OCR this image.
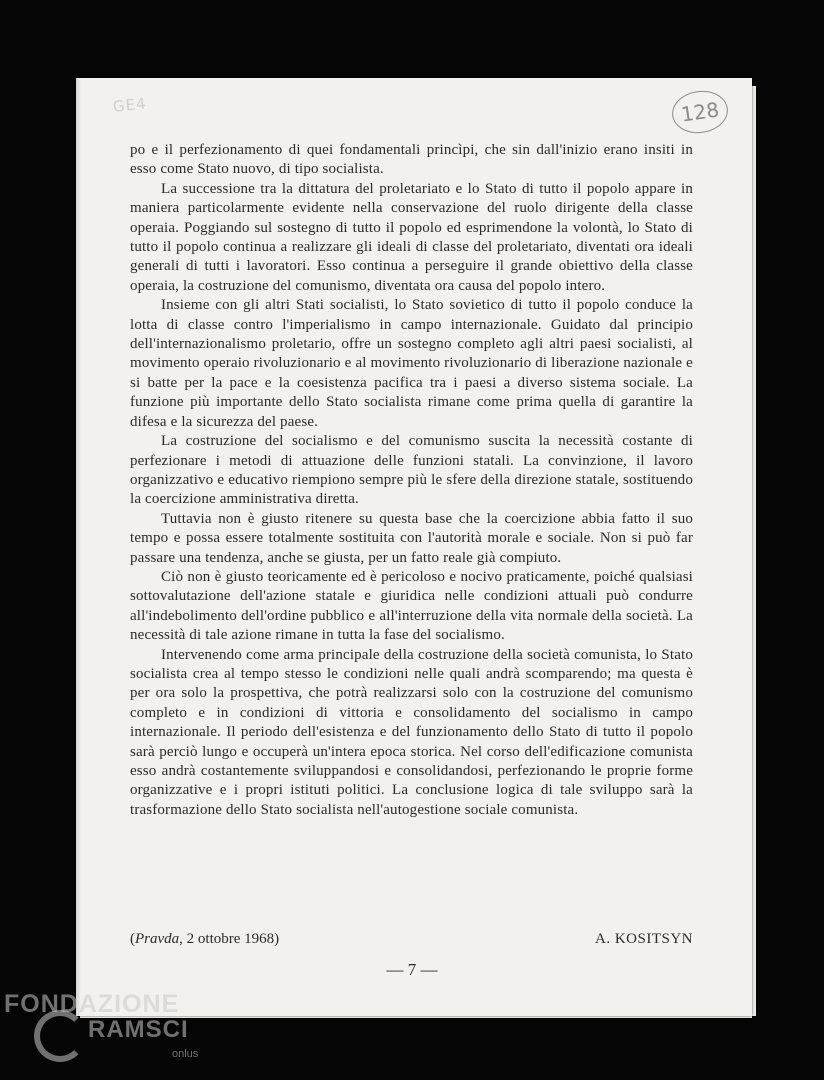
GE4	128

po e il perfezionamento di quei fondamentali princìpi, che sin dall'inizio erano insiti in esso come Stato nuovo, di tipo socialista.

La successione tra la dittatura del proletariato e lo Stato di tutto il popolo appare in maniera particolarmente evidente nella conservazione del ruolo dirigente della classe operaia. Poggiando sul sostegno di tutto il popolo ed esprimendone la volontà, lo Stato di tutto il popolo continua a realizzare gli ideali di classe del proletariato, diventati ora ideali generali di tutti i lavoratori. Esso continua a perseguire il grande obiettivo della classe operaia, la costruzione del comunismo, diventata ora causa del popolo intero.

Insieme con gli altri Stati socialisti, lo Stato sovietico di tutto il popolo conduce la lotta di classe contro l'imperialismo in campo internazionale. Guidato dal principio dell'internazionalismo proletario, offre un sostegno completo agli altri paesi socialisti, al movimento operaio rivoluzionario e al movimento rivoluzionario di liberazione nazionale e si batte per la pace e la coesistenza pacifica tra i paesi a diverso sistema sociale. La funzione più importante dello Stato socialista rimane come prima quella di garantire la difesa e la sicurezza del paese.

La costruzione del socialismo e del comunismo suscita la necessità costante di perfezionare i metodi di attuazione delle funzioni statali. La convinzione, il lavoro organizzativo e educativo riempiono sempre più le sfere della direzione statale, sostituendo la coercizione amministrativa diretta.

Tuttavia non è giusto ritenere su questa base che la coercizione abbia fatto il suo tempo e possa essere totalmente sostituita con l'autorità morale e sociale. Non si può far passare una tendenza, anche se giusta, per un fatto reale già compiuto.

Ciò non è giusto teoricamente ed è pericoloso e nocivo praticamente, poiché qualsiasi sottovalutazione dell'azione statale e giuridica nelle condizioni attuali può condurre all'indebolimento dell'ordine pubblico e all'interruzione della vita normale della società. La necessità di tale azione rimane in tutta la fase del socialismo.

Intervenendo come arma principale della costruzione della società comunista, lo Stato socialista crea al tempo stesso le condizioni nelle quali andrà scomparendo; ma questa è per ora solo la prospettiva, che potrà realizzarsi solo con la costruzione del comunismo completo e in condizioni di vittoria e consolidamento del socialismo in campo internazionale. Il periodo dell'esistenza e del funzionamento dello Stato di tutto il popolo sarà perciò lungo e occuperà un'intera epoca storica. Nel corso dell'edificazione comunista esso andrà costantemente sviluppandosi e consolidandosi, perfezionando le proprie forme organizzative e i propri istituti politici. La conclusione logica di tale sviluppo sarà la trasformazione dello Stato socialista nell'autogestione sociale comunista.

(Pravda, 2 ottobre 1968)	A. KOSITSYN
— 7 —
FONDAZIONE
RAMSCI
onlus
